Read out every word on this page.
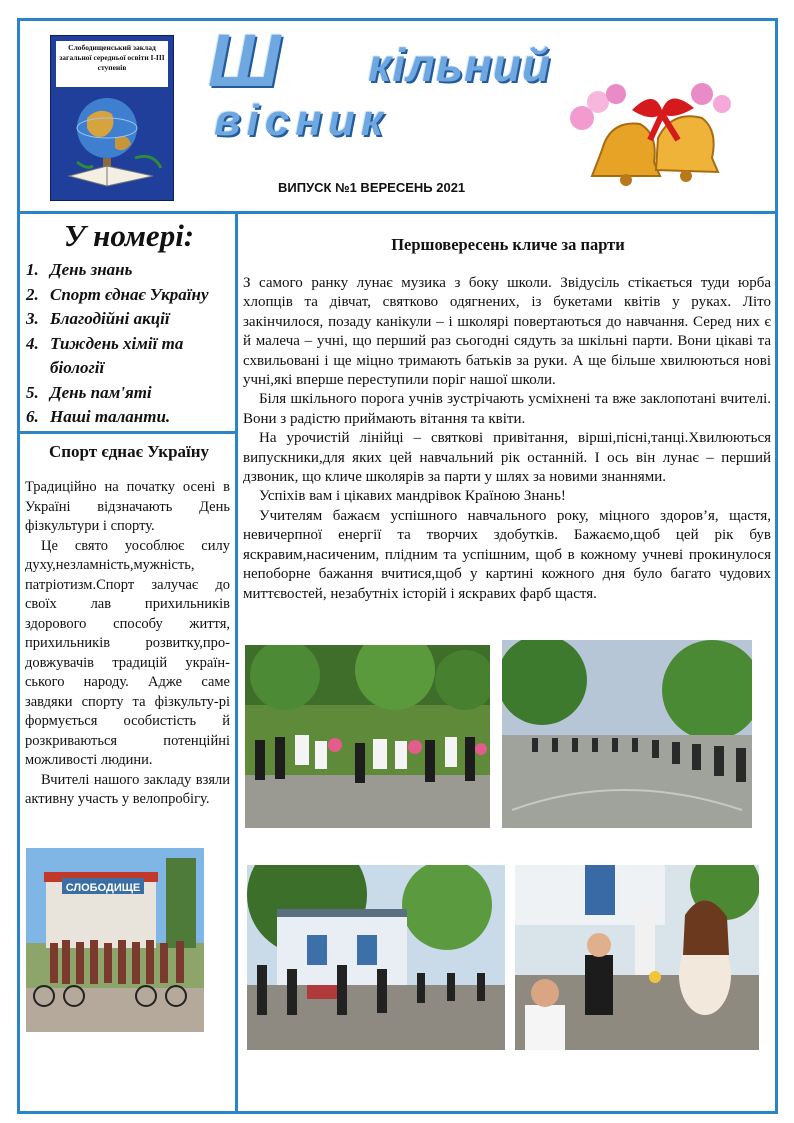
Слободищенський заклад загальної середньої освіти I-III ступенів	Ш кільний
вісник
ВИПУСК №1 ВЕРЕСЕНЬ 2021
У номері:
1. День знань
2. Спорт єднає Україну
3. Благодійні акції
4. Тиждень хімії та біології
5. День пам'яті
6. Наші таланти.
Спорт єднає Україну

Традиційно на початку осені в Україні відзначають День фізкультури і спорту.

Це свято уособлює силу духу,незламність,мужність, патріотизм.Спорт залучає до своїх лав прихильників здорового способу життя, прихильників розвитку,про-довжувачів традицій україн-ського народу. Адже саме завдяки спорту та фізкульту-рі формується особистість й розкриваються потенційні можливості людини.

Вчителі нашого закладу взяли активну участь у велопробігу.

СЛОБОДИЩЕ
Першовересень кличе за парти

З самого ранку лунає музика з боку школи. Звідусіль стікається туди юрба хлопців та дівчат, святково одягнених, із букетами квітів у руках. Літо закінчилося, позаду канікули – і школярі повертаються до навчання. Серед них є й малеча – учні, що перший раз сьогодні сядуть за шкільні парти. Вони цікаві та схвильовані і ще міцно тримають батьків за руки. А ще більше хвилюються нові учні,які вперше переступили поріг нашої школи.

Біля шкільного порога учнів зустрічають усміхнені та вже заклопотані вчителі. Вони з радістю приймають вітання та квіти.

На урочистій лінійці – святкові привітання, вірші,пісні,танці.Хвилюються випускники,для яких цей навчальний рік останній. І ось він лунає – перший дзвоник, що кличе школярів за парти у шлях за новими знаннями.

Успіхів вам і цікавих мандрівок Країною Знань!

Учителям бажаєм успішного навчального року, міцного здоров’я, щастя, невичерпної енергії та творчих здобутків. Бажаємо,щоб цей рік був яскравим,насиченим, плідним та успішним, щоб в кожному учневі прокинулося непоборне бажання вчитися,щоб у картині кожного дня було багато чудових миттєвостей, незабутніх історій і яскравих фарб щастя.
